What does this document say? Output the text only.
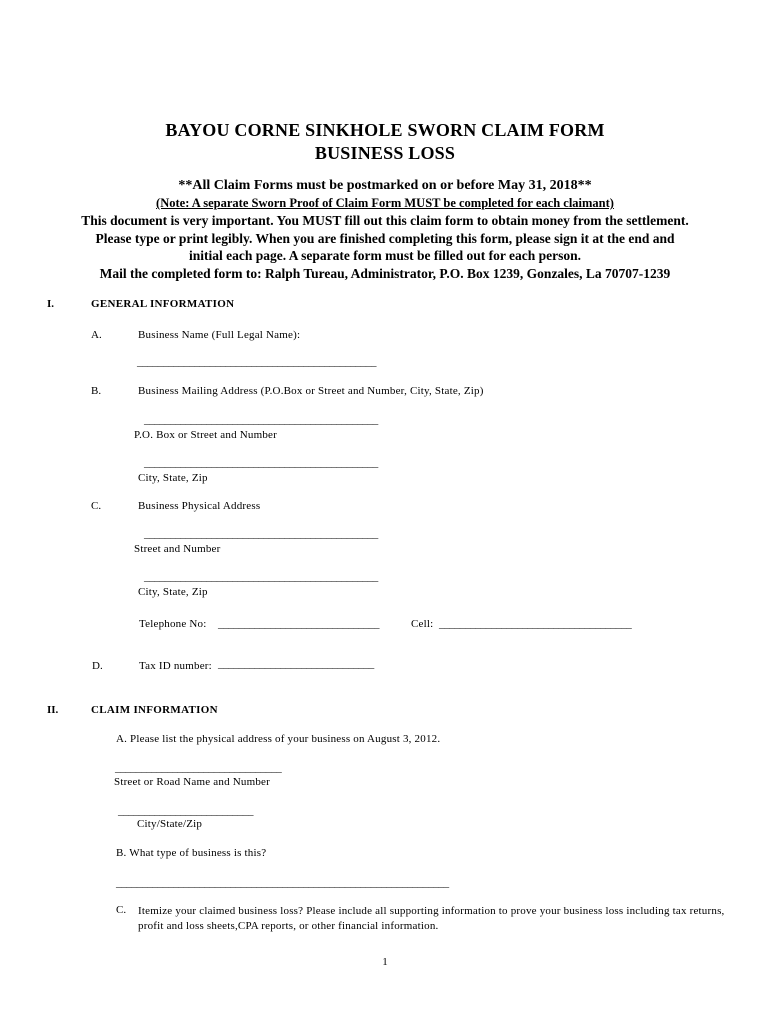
BAYOU CORNE SINKHOLE SWORN CLAIM FORM
BUSINESS LOSS
**All Claim Forms must be postmarked on or before May 31, 2018**
(Note: A separate Sworn Proof of Claim Form MUST be completed for each claimant)
This document is very important. You MUST fill out this claim form to obtain money from the settlement.
Please type or print legibly. When you are finished completing this form, please sign it at the end and
initial each page. A separate form must be filled out for each person.
Mail the completed form to: Ralph Tureau, Administrator, P.O. Box 1239, Gonzales, La 70707-1239
I.	GENERAL INFORMATION
A.	Business Name (Full Legal Name):
______________________________________________
B.	Business Mailing Address (P.O.Box or Street and Number, City, State, Zip)
_____________________________________________
P.O. Box or Street and Number
_____________________________________________
City, State, Zip
C.	Business Physical Address
_____________________________________________
Street and Number
_____________________________________________
City, State, Zip
Telephone No: _______________________________	Cell: _____________________________________
D.	Tax ID number: ______________________________
II.	CLAIM INFORMATION
A. Please list the physical address of your business on August 3, 2012.
________________________________
Street or Road Name and Number
__________________________
City/State/Zip
B. What type of business is this?
________________________________________________________________
C. Itemize your claimed business loss? Please include all supporting information to prove your business loss including tax returns, profit and loss sheets,CPA reports, or other financial information.
1
